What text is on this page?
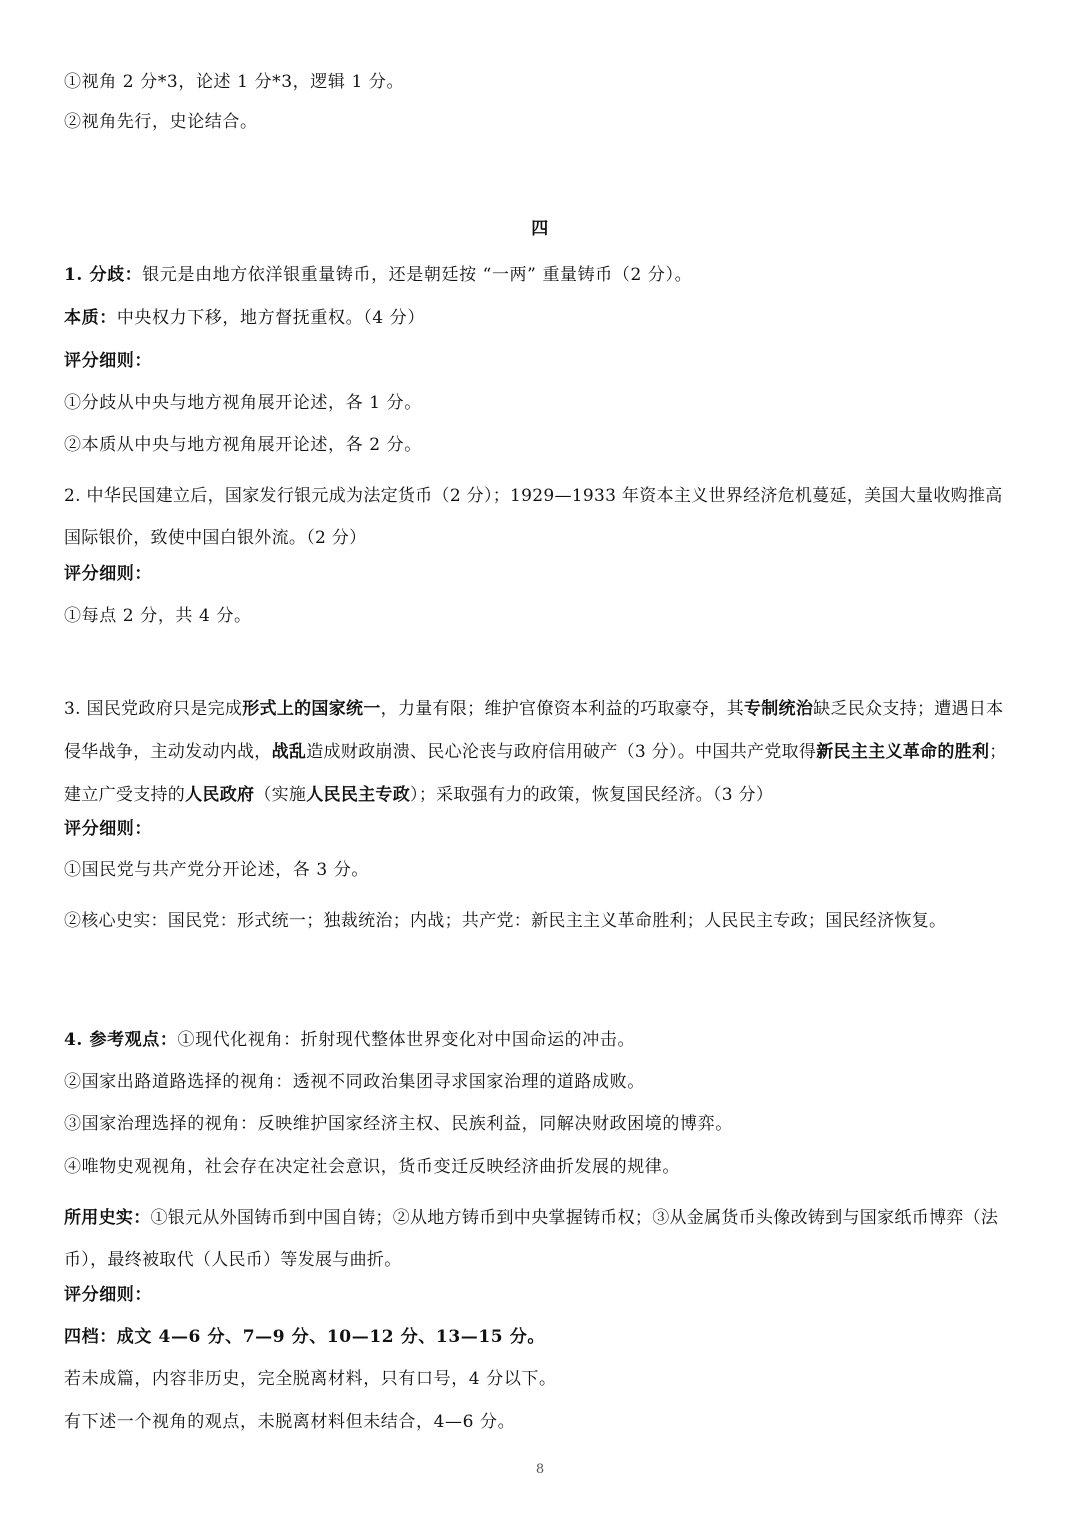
①视角 2 分*3，论述 1 分*3，逻辑 1 分。
②视角先行，史论结合。
四
1. 分歧：银元是由地方依洋银重量铸币，还是朝廷按 “一两” 重量铸币（2 分）。
本质：中央权力下移，地方督抚重权。（4 分）
评分细则：
①分歧从中央与地方视角展开论述，各 1 分。
②本质从中央与地方视角展开论述，各 2 分。
2. 中华民国建立后，国家发行银元成为法定货币（2 分）；1929—1933 年资本主义世界经济危机蔓延，美国大量收购推高国际银价，致使中国白银外流。（2 分）
评分细则：
①每点 2 分，共 4 分。
3. 国民党政府只是完成形式上的国家统一，力量有限；维护官僚资本利益的巧取豪夺，其专制统治缺乏民众支持；遭遇日本侵华战争，主动发动内战，战乱造成财政崩溃、民心沦丧与政府信用破产（3 分）。中国共产党取得新民主主义革命的胜利；建立广受支持的人民政府（实施人民民主专政）；采取强有力的政策，恢复国民经济。（3 分）
评分细则：
①国民党与共产党分开论述，各 3 分。
②核心史实：国民党：形式统一；独裁统治；内战；共产党：新民主主义革命胜利；人民民主专政；国民经济恢复。
4. 参考观点：①现代化视角：折射现代整体世界变化对中国命运的冲击。
②国家出路道路选择的视角：透视不同政治集团寻求国家治理的道路成败。
③国家治理选择的视角：反映维护国家经济主权、民族利益，同解决财政困境的博弈。
④唯物史观视角，社会存在决定社会意识，货币变迁反映经济曲折发展的规律。
所用史实：①银元从外国铸币到中国自铸；②从地方铸币到中央掌握铸币权；③从金属货币头像改铸到与国家纸币博弈（法币），最终被取代（人民币）等发展与曲折。
评分细则：
四档：成文 4—6 分、7—9 分、10—12 分、13—15 分。
若未成篇，内容非历史，完全脱离材料，只有口号，4 分以下。
有下述一个视角的观点，未脱离材料但未结合，4—6 分。
8
